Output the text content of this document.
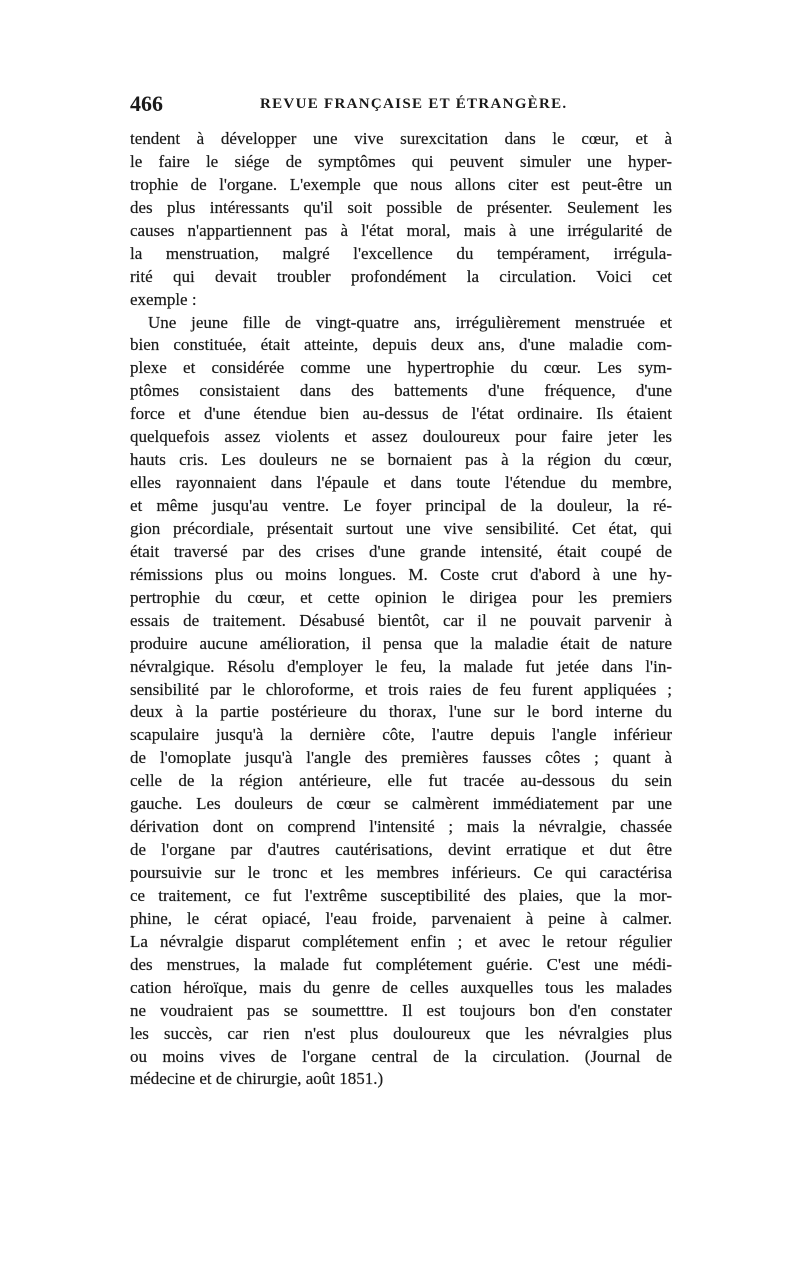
466	REVUE FRANÇAISE ET ÉTRANGÈRE.
tendent à développer une vive surexcitation dans le cœur, et à
le faire le siége de symptômes qui peuvent simuler une hyper-
trophie de l'organe. L'exemple que nous allons citer est peut-être un
des plus intéressants qu'il soit possible de présenter. Seulement les
causes n'appartiennent pas à l'état moral, mais à une irrégularité de
la menstruation, malgré l'excellence du tempérament, irrégula-
rité qui devait troubler profondément la circulation. Voici cet
exemple :
Une jeune fille de vingt-quatre ans, irrégulièrement menstruée et
bien constituée, était atteinte, depuis deux ans, d'une maladie com-
plexe et considérée comme une hypertrophie du cœur. Les sym-
ptômes consistaient dans des battements d'une fréquence, d'une
force et d'une étendue bien au-dessus de l'état ordinaire. Ils étaient
quelquefois assez violents et assez douloureux pour faire jeter les
hauts cris. Les douleurs ne se bornaient pas à la région du cœur,
elles rayonnaient dans l'épaule et dans toute l'étendue du membre,
et même jusqu'au ventre. Le foyer principal de la douleur, la ré-
gion précordiale, présentait surtout une vive sensibilité. Cet état, qui
était traversé par des crises d'une grande intensité, était coupé de
rémissions plus ou moins longues. M. Coste crut d'abord à une hy-
pertrophie du cœur, et cette opinion le dirigea pour les premiers
essais de traitement. Désabusé bientôt, car il ne pouvait parvenir à
produire aucune amélioration, il pensa que la maladie était de nature
névralgique. Résolu d'employer le feu, la malade fut jetée dans l'in-
sensibilité par le chloroforme, et trois raies de feu furent appliquées ;
deux à la partie postérieure du thorax, l'une sur le bord interne du
scapulaire jusqu'à la dernière côte, l'autre depuis l'angle inférieur
de l'omoplate jusqu'à l'angle des premières fausses côtes ; quant à
celle de la région antérieure, elle fut tracée au-dessous du sein
gauche. Les douleurs de cœur se calmèrent immédiatement par une
dérivation dont on comprend l'intensité ; mais la névralgie, chassée
de l'organe par d'autres cautérisations, devint erratique et dut être
poursuivie sur le tronc et les membres inférieurs. Ce qui caractérisa
ce traitement, ce fut l'extrême susceptibilité des plaies, que la mor-
phine, le cérat opiacé, l'eau froide, parvenaient à peine à calmer.
La névralgie disparut complétement enfin ; et avec le retour régulier
des menstrues, la malade fut complétement guérie. C'est une médi-
cation héroïque, mais du genre de celles auxquelles tous les malades
ne voudraient pas se soumetttre. Il est toujours bon d'en constater
les succès, car rien n'est plus douloureux que les névralgies plus
ou moins vives de l'organe central de la circulation. (Journal de
médecine et de chirurgie, août 1851.)
